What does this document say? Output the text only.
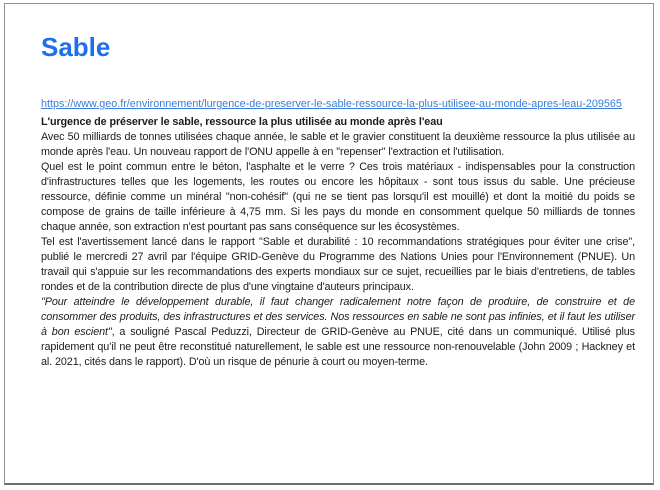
Sable
https://www.geo.fr/environnement/lurgence-de-preserver-le-sable-ressource-la-plus-utilisee-au-monde-apres-leau-209565

L'urgence de préserver le sable, ressource la plus utilisée au monde après l'eau

Avec 50 milliards de tonnes utilisées chaque année, le sable et le gravier constituent la deuxième ressource la plus utilisée au monde après l'eau. Un nouveau rapport de l'ONU appelle à en "repenser" l'extraction et l'utilisation.

Quel est le point commun entre le béton, l'asphalte et le verre ? Ces trois matériaux - indispensables pour la construction d'infrastructures telles que les logements, les routes ou encore les hôpitaux - sont tous issus du sable. Une précieuse ressource, définie comme un minéral "non-cohésif" (qui ne se tient pas lorsqu'il est mouillé) et dont la moitié du poids se compose de grains de taille inférieure à 4,75 mm. Si les pays du monde en consomment quelque 50 milliards de tonnes chaque année, son extraction n'est pourtant pas sans conséquence sur les écosystèmes.

Tel est l'avertissement lancé dans le rapport "Sable et durabilité : 10 recommandations stratégiques pour éviter une crise", publié le mercredi 27 avril par l'équipe GRID-Genève du Programme des Nations Unies pour l'Environnement (PNUE). Un travail qui s'appuie sur les recommandations des experts mondiaux sur ce sujet, recueillies par le biais d'entretiens, de tables rondes et de la contribution directe de plus d'une vingtaine d'auteurs principaux.

"Pour atteindre le développement durable, il faut changer radicalement notre façon de produire, de construire et de consommer des produits, des infrastructures et des services. Nos ressources en sable ne sont pas infinies, et il faut les utiliser à bon escient", a souligné Pascal Peduzzi, Directeur de GRID-Genève au PNUE, cité dans un communiqué. Utilisé plus rapidement qu’il ne peut être reconstitué naturellement, le sable est une ressource non-renouvelable (John 2009 ; Hackney et al. 2021, cités dans le rapport). D'où un risque de pénurie à court ou moyen-terme.
